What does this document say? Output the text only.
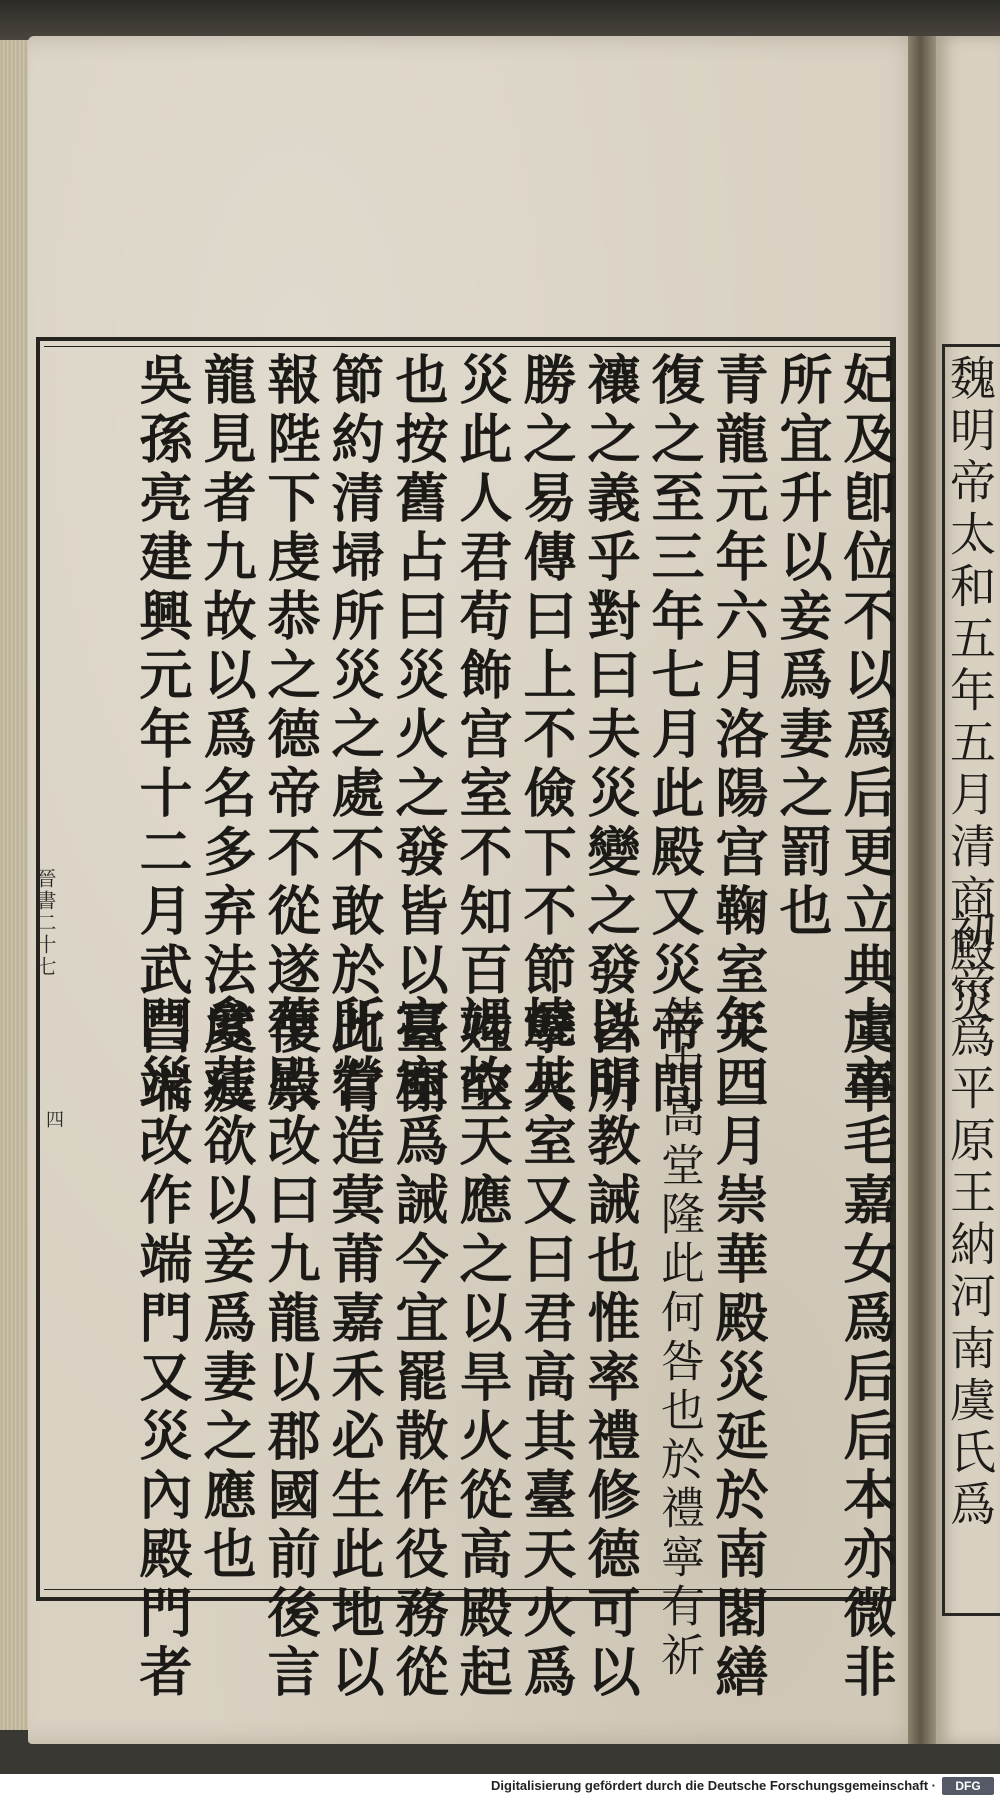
魏明帝太和五年五月清商殿災
初帝爲平原王納河南虞氏爲
妃及卽位不以爲后更立典虞車
士卒毛嘉女爲后后本亦微非
所宜升以妾爲妻之罰也
青龍元年六月洛陽宫鞠室災二
年四月崇華殿災延於南閣繕
復之至三年七月此殿又災帝問
侍中高堂隆此何咎也於禮寧有祈
禳之義乎對曰夫災變之發皆所
以明教誡也惟率禮修德可以
勝之易傳曰上不儉下不節孽火
燒其室又曰君高其臺天火爲
災此人君苟飾宫室不知百姓空
竭故天應之以旱火從高殿起
也按舊占曰災火之發皆以臺榭
宫室爲誡今宜罷散作役務從
節約清埽所災之處不敢於此有
所營造蓂莆嘉禾必生此地以
報陛下虔恭之德帝不從遂復崇
華殿改曰九龍以郡國前後言
龍見者九故以爲名多弃法度疲
絫莛欲以妾爲妻之應也
吳孫亮建興元年十二月武昌端
門災改作端門又災內殿門者
晉書二十七
四
Digitalisierung gefördert durch die Deutsche Forschungsgemeinschaft ·	DFG
